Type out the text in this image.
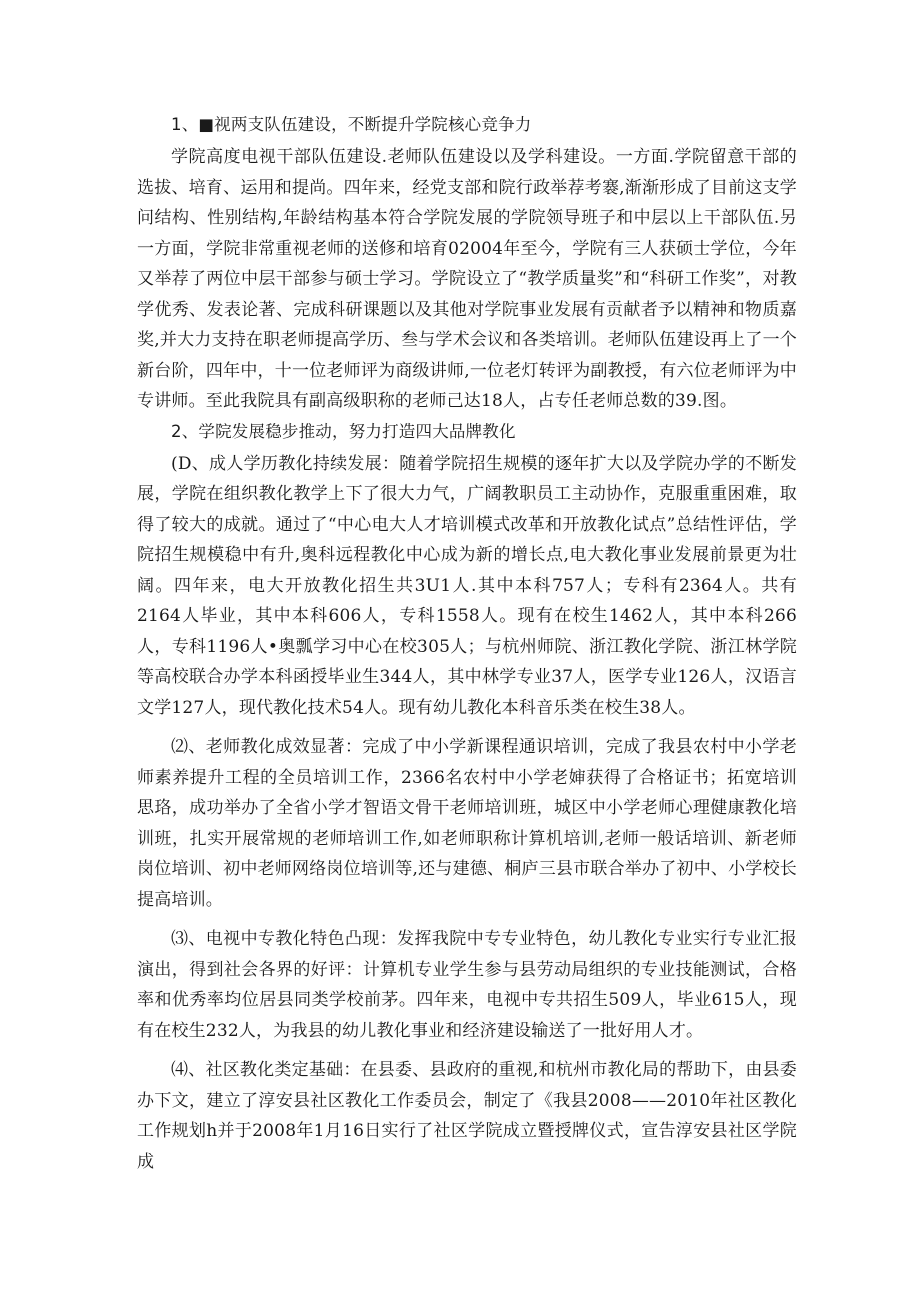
1、■视两支队伍建设，不断提升学院核心竞争力

学院高度电视干部队伍建设.老师队伍建设以及学科建设。一方面.学院留意干部的选拔、培育、运用和提尚。四年来，经党支部和院行政举荐考褰,渐渐形成了目前这支学问结构、性别结构,年龄结构基本符合学院发展的学院领导班子和中层以上干部队伍.另一方面，学院非常重视老师的送修和培育02004年至今，学院有三人获硕士学位，今年又举荐了两位中层干部参与硕士学习。学院设立了“教学质量奖”和“科研工作奖”，对教学优秀、发表论著、完成科研课题以及其他对学院事业发展有贡献者予以精神和物质嘉奖,并大力支持在职老师提高学历、叁与学术会议和各类培训。老师队伍建设再上了一个新台阶，四年中，十一位老师评为商级讲师,一位老灯转评为副教授，有六位老师评为中专讲师。至此我院具有副高级职称的老师己达18人，占专任老师总数的39.图。

2、学院发展稳步推动，努力打造四大品牌教化

(D、成人学历教化持续发展：随着学院招生规模的逐年扩大以及学院办学的不断发展，学院在组织教化教学上下了很大力气，广阔教职员工主动协作，克服重重困难，取得了较大的成就。通过了“中心电大人才培训模式改革和开放教化试点”总结性评估，学院招生规模稳中有升,奥科远程教化中心成为新的增长点,电大教化事业发展前景更为壮阔。四年来，电大开放教化招生共3U1人.其中本科757人；专科有2364人。共有2164人毕业，其中本科606人，专科1558人。现有在校生1462人，其中本科266人，专科1196人•奥瓢学习中心在校305人；与杭州师院、浙江教化学院、浙江林学院等高校联合办学本科函授毕业生344人，其中林学专业37人，医学专业126人，汉语言文学127人，现代教化技术54人。现有幼儿教化本科音乐类在校生38人。

⑵、老师教化成效显著：完成了中小学新课程通识培训，完成了我县农村中小学老师素养提升工程的全员培训工作，2366名农村中小学老婶获得了合格证书；拓宽培训思珞，成功举办了全省小学才智语文骨干老师培训班，城区中小学老师心理健康教化培训班，扎实开展常规的老师培训工作,如老师职称计算机培训,老师一般话培训、新老师岗位培训、初中老师网络岗位培训等,还与建德、桐庐三县市联合举办了初中、小学校长提高培训。

⑶、电视中专教化特色凸现：发挥我院中专专业特色，幼儿教化专业实行专业汇报演出，得到社会各界的好评：计算机专业学生参与县劳动局组织的专业技能测试，合格率和优秀率均位居县同类学校前茅。四年来，电视中专共招生509人，毕业615人，现有在校生232人，为我县的幼儿教化事业和经济建设输送了一批好用人才。

⑷、社区教化类定基础：在县委、县政府的重视,和杭州市教化局的帮助下，由县委办下文，建立了淳安县社区教化工作委员会，制定了《我县2008——2010年社区教化工作规划h并于2008年1月16日实行了社区学院成立暨授牌仪式，宣告淳安县社区学院成
